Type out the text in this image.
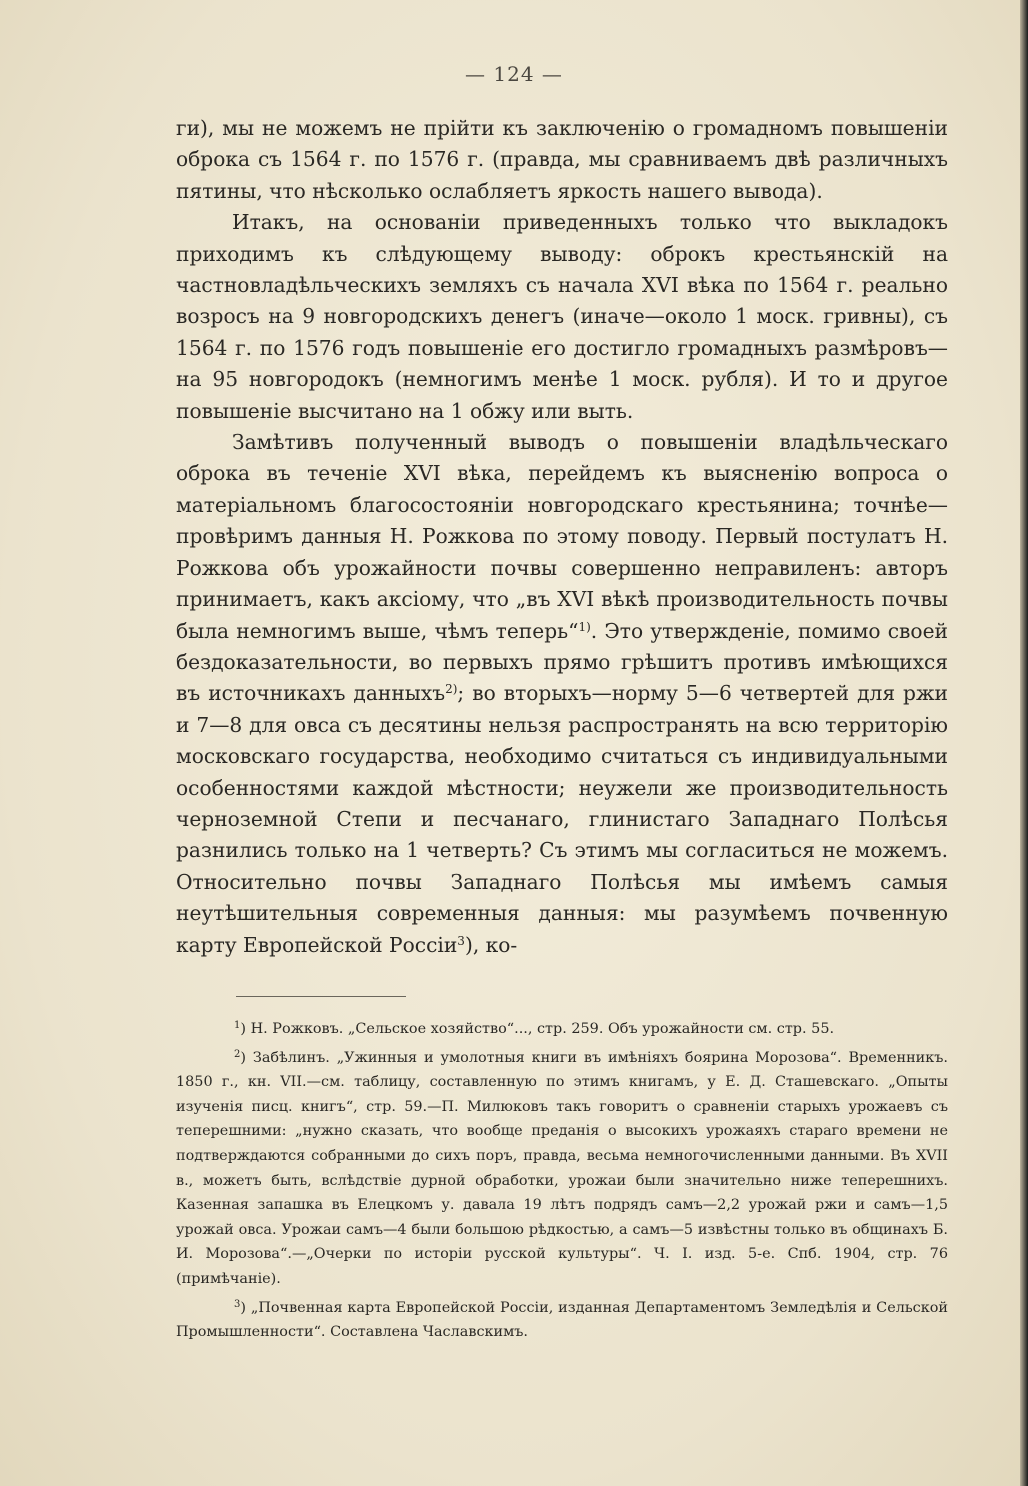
— 124 —

ги), мы не можемъ не прійти къ заключенію о громадномъ повышеніи оброка съ 1564 г. по 1576 г. (правда, мы сравниваемъ двѣ различныхъ пятины, что нѣсколько ослабляетъ яркость нашего вывода).

Итакъ, на основаніи приведенныхъ только что выкладокъ приходимъ къ слѣдующему выводу: оброкъ крестьянскій на частновладѣльческихъ земляхъ съ начала XVI вѣка по 1564 г. реально возросъ на 9 новгородскихъ денегъ (иначе—около 1 моск. гривны), съ 1564 г. по 1576 годъ повышеніе его достигло громадныхъ размѣровъ— на 95 новгородокъ (немногимъ менѣе 1 моск. рубля). И то и другое повышеніе высчитано на 1 обжу или выть.

Замѣтивъ полученный выводъ о повышеніи владѣльческаго оброка въ теченіе XVI вѣка, перейдемъ къ выясненію вопроса о матеріальномъ благосостояніи новгородскаго крестьянина; точнѣе—провѣримъ данныя Н. Рожкова по этому поводу. Первый постулатъ Н. Рожкова объ урожайности почвы совершенно неправиленъ: авторъ принимаетъ, какъ аксіому, что „въ XVI вѣкѣ производительность почвы была немногимъ выше, чѣмъ теперь“$^{1)}$. Это утвержденіе, помимо своей бездоказательности, во первыхъ прямо грѣшитъ противъ имѣющихся въ источникахъ данныхъ$^{2)}$; во вторыхъ—норму 5—6 четвертей для ржи и 7—8 для овса съ десятины нельзя распространять на всю территорію московскаго государства, необходимо считаться съ индивидуальными особенностями каждой мѣстности; неужели же производительность черноземной Степи и песчанаго, глинистаго Западнаго Полѣсья разнились только на 1 четверть? Съ этимъ мы согласиться не можемъ. Относительно почвы Западнаго Полѣсья мы имѣемъ самыя неутѣшительныя современныя данныя: мы разумѣемъ почвенную карту Европейской Россіи$^3$), ко-

$^1$) Н. Рожковъ. „Сельское хозяйство“..., стр. 259. Объ урожайности см. стр. 55.

$^2$) Забѣлинъ. „Ужинныя и умолотныя книги въ имѣніяхъ боярина Морозова“. Временникъ. 1850 г., кн. VII.—см. таблицу, составленную по этимъ книгамъ, у Е. Д. Сташевскаго. „Опыты изученія писц. книгъ“, стр. 59.—П. Милюковъ такъ говоритъ о сравненіи старыхъ урожаевъ съ теперешними: „нужно сказать, что вообще преданія о высокихъ урожаяхъ стараго времени не подтверждаются собранными до сихъ поръ, правда, весьма немногочисленными данными. Въ XVII в., можетъ быть, вслѣдствіе дурной обработки, урожаи были значительно ниже теперешнихъ. Казенная запашка въ Елецкомъ у. давала 19 лѣтъ подрядъ самъ—2,2 урожай ржи и самъ—1,5 урожай овса. Урожаи самъ—4 были большою рѣдкостью, а самъ—5 извѣстны только въ общинахъ Б. И. Морозова“.—„Очерки по исторіи русской культуры“. Ч. I. изд. 5-е. Спб. 1904, стр. 76 (примѣчаніе).

$^3$) „Почвенная карта Европейской Россіи, изданная Департаментомъ Земледѣлія и Сельской Промышленности“. Составлена Чаславскимъ.
